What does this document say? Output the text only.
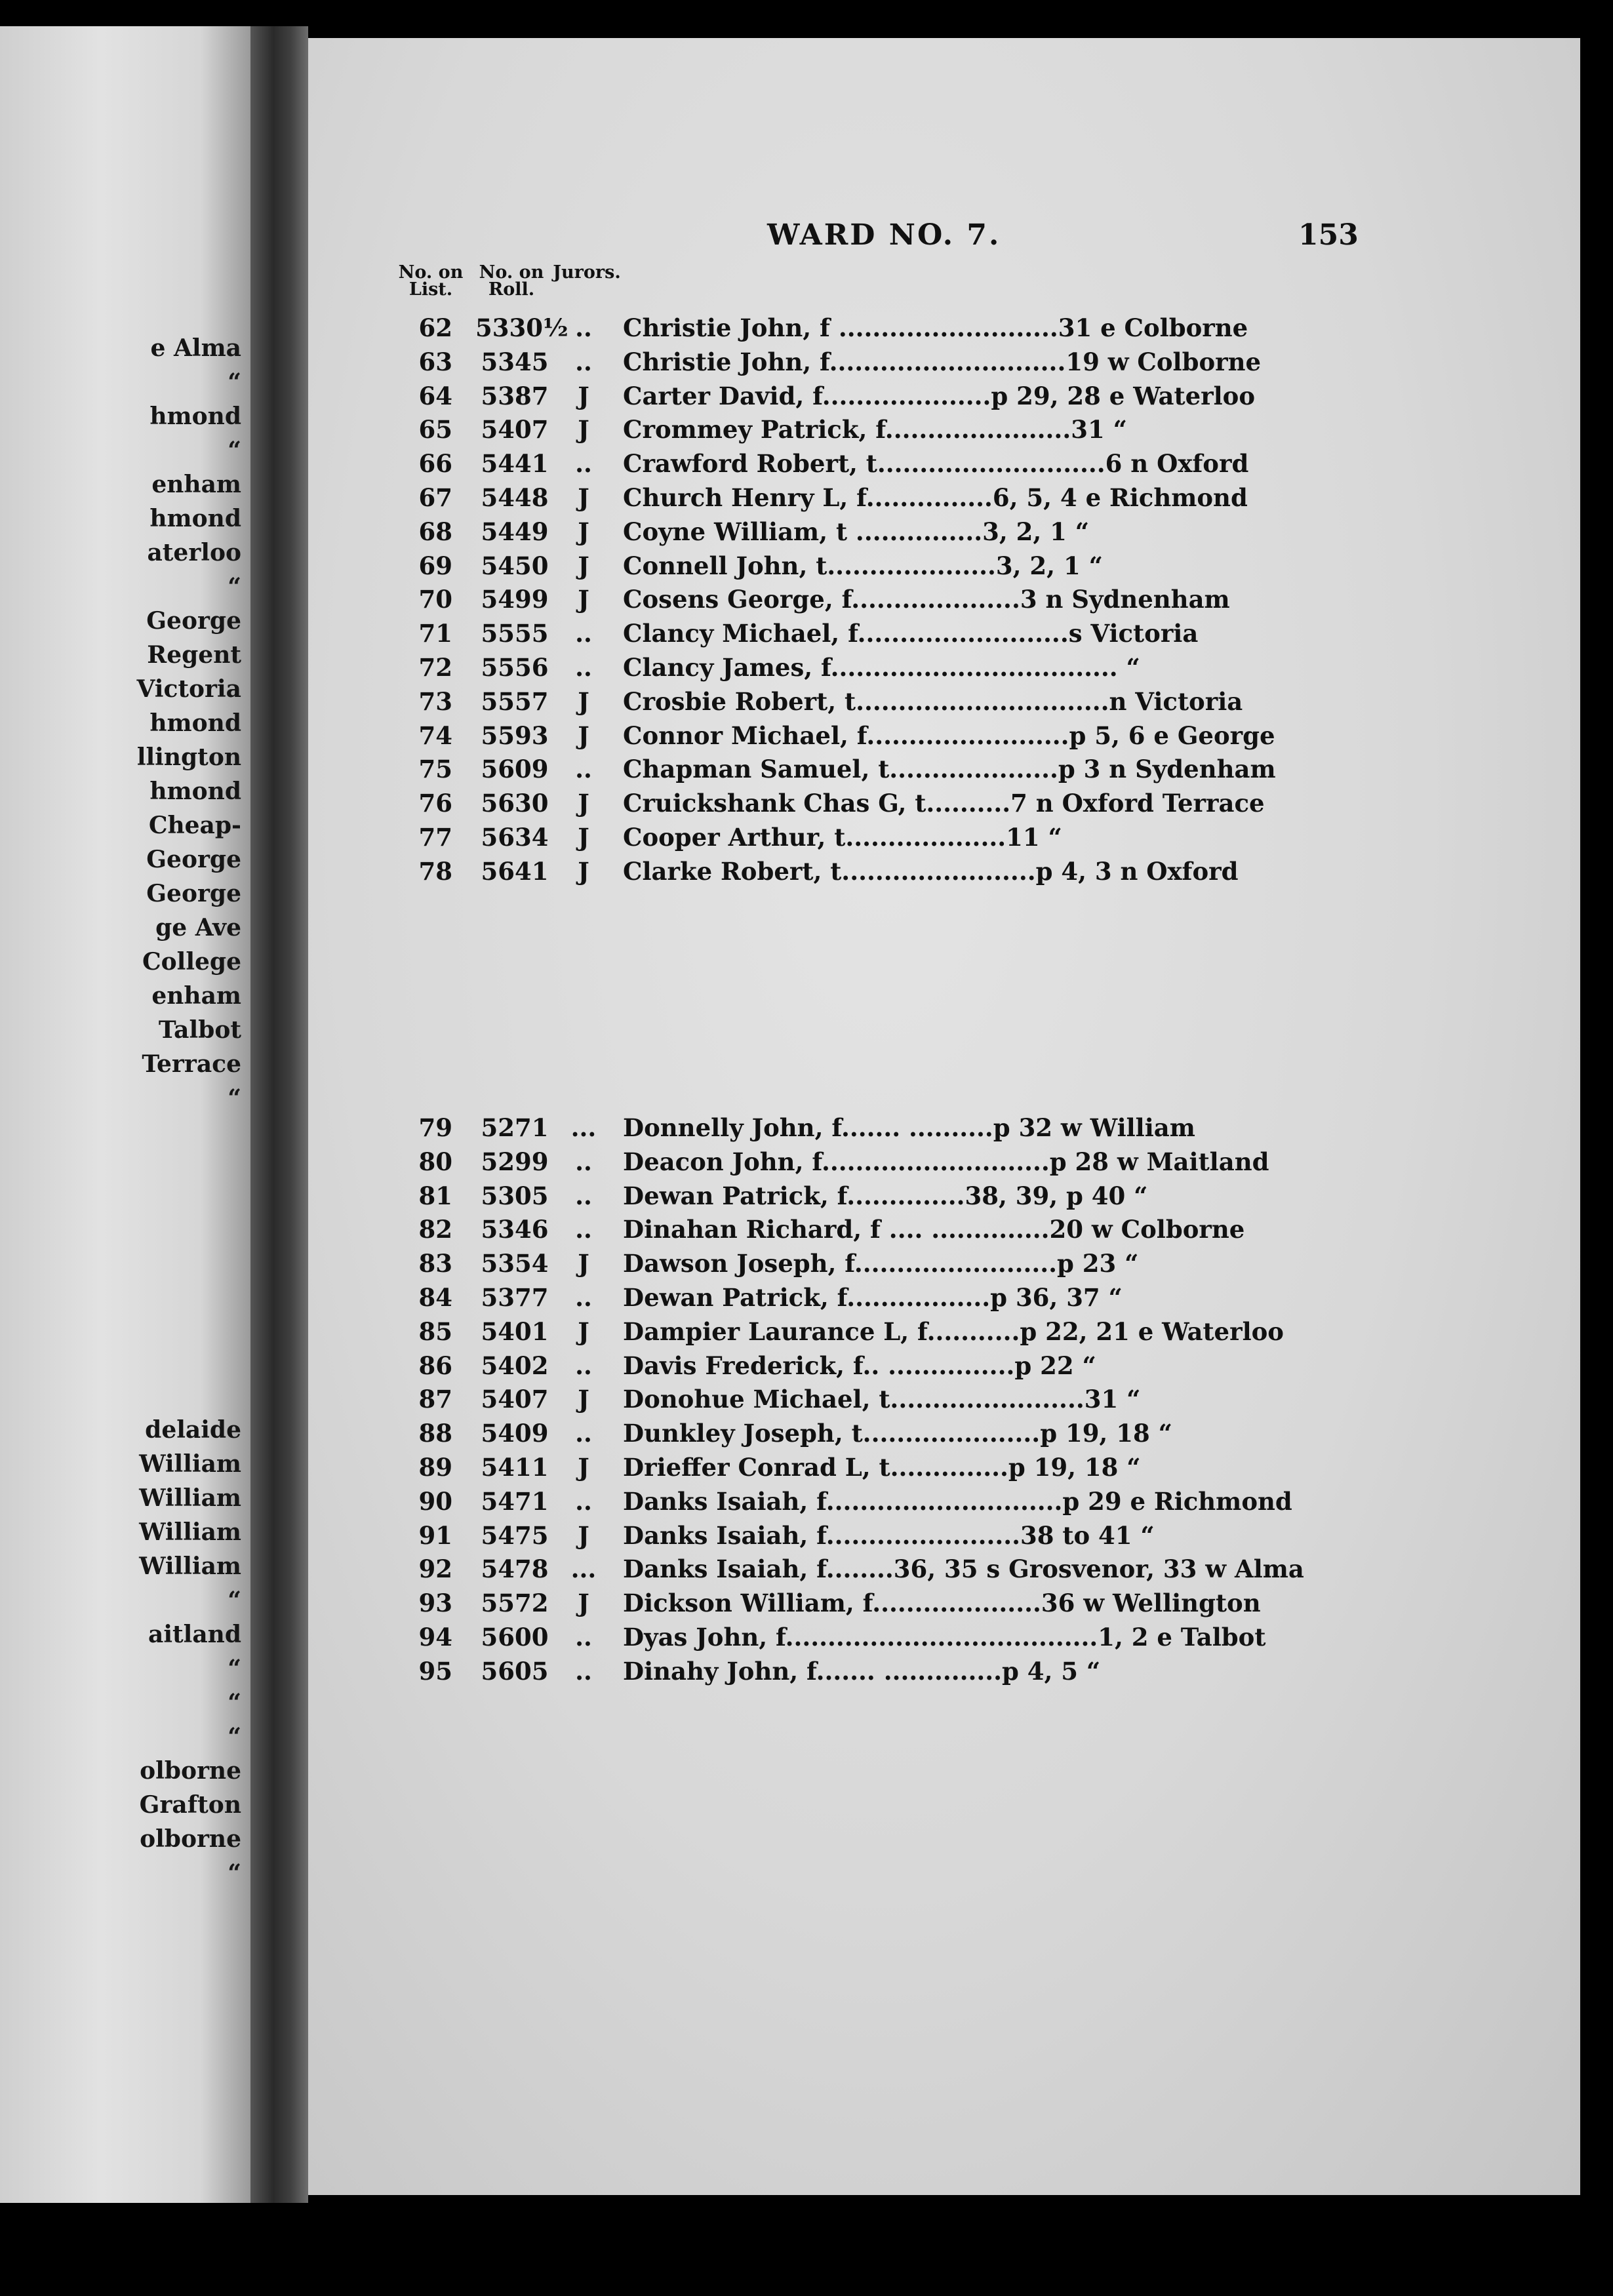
e Alma
“
hmond
“
enham
hmond
aterloo
“
George
Regent
Victoria
hmond
llington
hmond
Cheap-
George
George
ge Ave
College
enham
Talbot
Terrace
“
delaide
William
William
William
William
“
aitland
“
“
“
olborne
Grafton
olborne
“
WARD NO. 7.	153
No. on
List.
No. on
Roll.
Jurors.
62 5330½ ..	Christie John, f ..........................31 e Colborne
63 5345	..	Christie John, f............................19 w Colborne
64 5387	J	Carter David, f....................p 29, 28 e Waterloo
65 5407	J	Crommey Patrick, f......................31 “
66 5441	..	Crawford Robert, t...........................6 n Oxford
67 5448	J	Church Henry L, f...............6, 5, 4 e Richmond
68 5449	J	Coyne William, t ...............3, 2, 1 “
69 5450	J	Connell John, t....................3, 2, 1 “
70 5499	J	Cosens George, f....................3 n Sydnenham
71 5555	..	Clancy Michael, f.........................s Victoria
72 5556	..	Clancy James, f.................................. “
73 5557	J	Crosbie Robert, t..............................n Victoria
74 5593	J	Connor Michael, f........................p 5, 6 e George
75 5609	..	Chapman Samuel, t....................p 3 n Sydenham
76 5630	J	Cruickshank Chas G, t..........7 n Oxford Terrace
77 5634	J	Cooper Arthur, t...................11 “
78 5641	J	Clarke Robert, t.......................p 4, 3 n Oxford
79 5271 ... Donnelly John, f....... ..........p 32 w William
80 5299	..	Deacon John, f...........................p 28 w Maitland
81 5305	..	Dewan Patrick, f..............38, 39, p 40 “
82 5346	..	Dinahan Richard, f .... ..............20 w Colborne
83 5354	J	Dawson Joseph, f........................p 23 “
84 5377	..	Dewan Patrick, f.................p 36, 37 “
85 5401	J	Dampier Laurance L, f...........p 22, 21 e Waterloo
86 5402	..	Davis Frederick, f.. ...............p 22 “
87 5407	J	Donohue Michael, t.......................31 “
88 5409	..	Dunkley Joseph, t.....................p 19, 18 “
89 5411	J	Drieffer Conrad L, t..............p 19, 18 “
90 5471	..	Danks Isaiah, f............................p 29 e Richmond
91 5475	J	Danks Isaiah, f.......................38 to 41 “
92 5478 ... Danks Isaiah, f........36, 35 s Grosvenor, 33 w Alma
93 5572	J	Dickson William, f....................36 w Wellington
94 5600	..	Dyas John, f.....................................1, 2 e Talbot
95 5605	..	Dinahy John, f....... ..............p 4, 5 “
